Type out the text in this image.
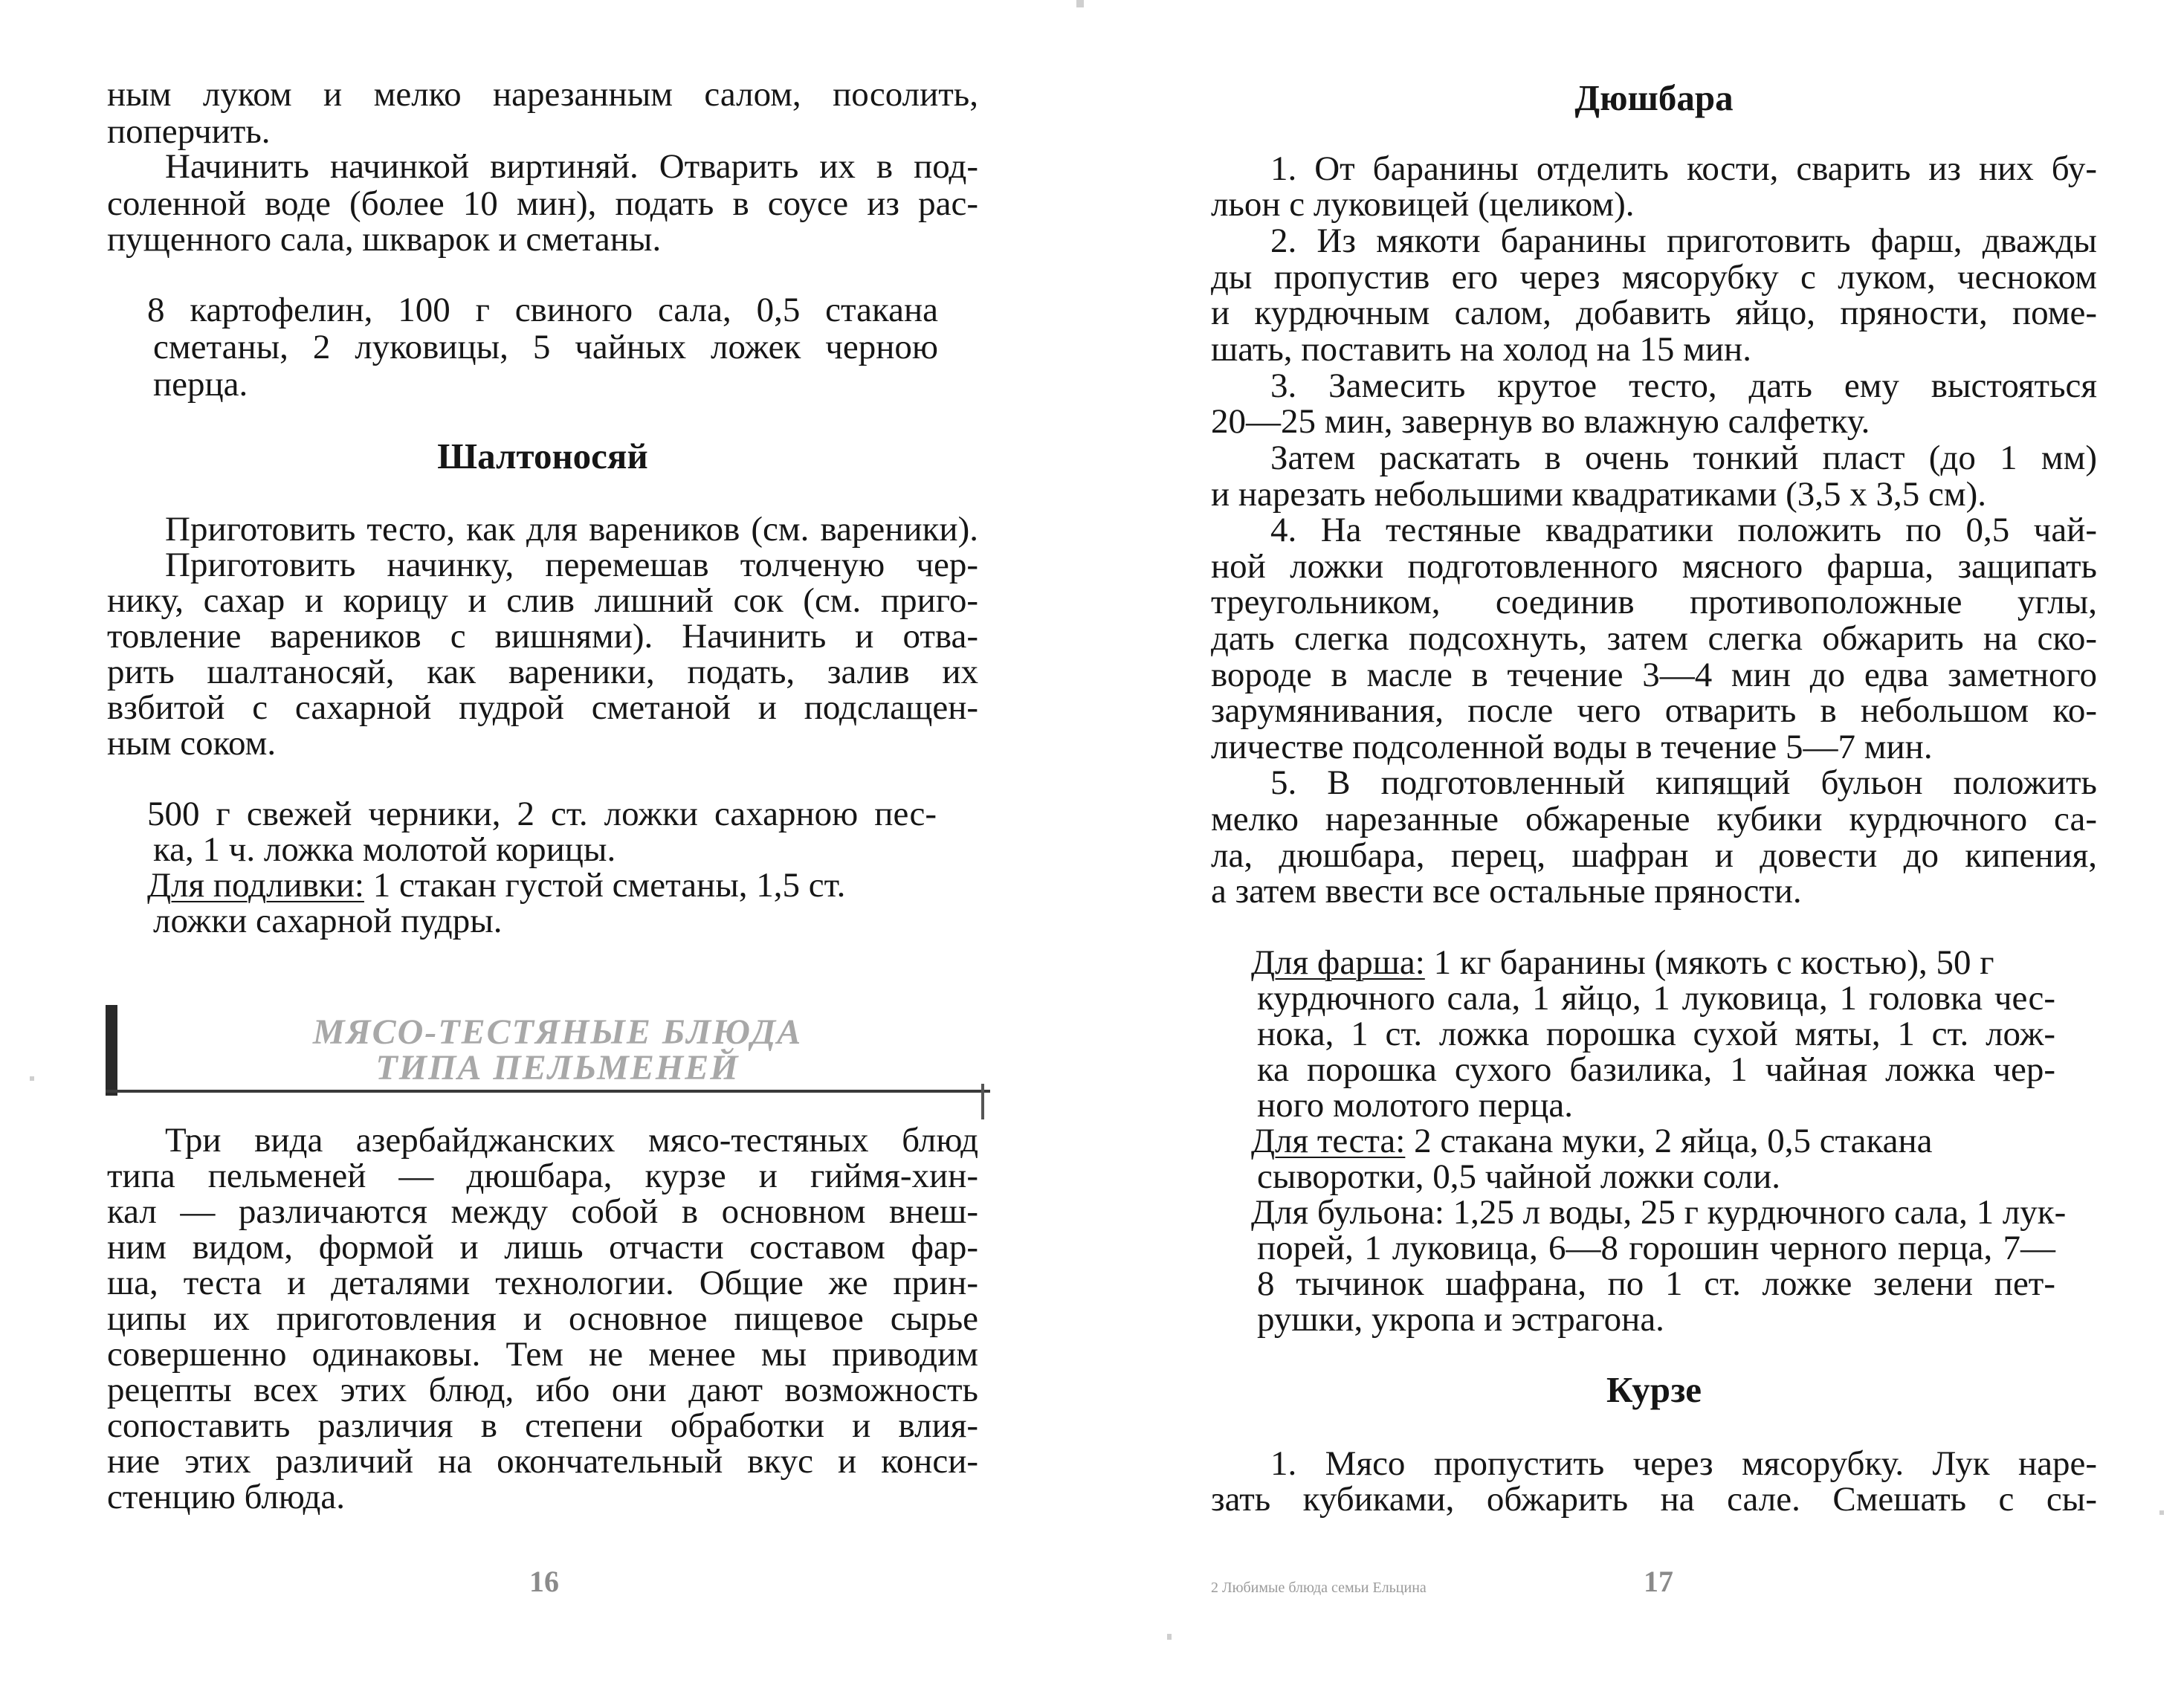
ным луком и мелко нарезанным салом, посолить,
поперчить.
Начинить начинкой виртиняй. Отварить их в под-
соленной воде (более 10 мин), подать в соусе из рас-
пущенного сала, шкварок и сметаны.
8 картофелин, 100 г свиного сала, 0,5 стакана
сметаны, 2 луковицы, 5 чайных ложек черною
перца.
Шалтоносяй
Приготовить тесто, как для вареников (см. вареники).
Приготовить начинку, перемешав толченую чер-
нику, сахар и корицу и слив лишний сок (см. приго-
товление вареников с вишнями). Начинить и отва-
рить шалтаносяй, как вареники, подать, залив их
взбитой с сахарной пудрой сметаной и подслащен-
ным соком.
500 г свежей черники, 2 ст. ложки сахарною пес-
ка, 1 ч. ложка молотой корицы.
Для подливки: 1 стакан густой сметаны, 1,5 ст.
ложки сахарной пудры.
МЯСО-ТЕСТЯНЫЕ БЛЮДА
ТИПА ПЕЛЬМЕНЕЙ
Три вида азербайджанских мясо-тестяных блюд
типа пельменей — дюшбара, курзе и гиймя-хин-
кал — различаются между собой в основном внеш-
ним видом, формой и лишь отчасти составом фар-
ша, теста и деталями технологии. Общие же прин-
ципы их приготовления и основное пищевое сырье
совершенно одинаковы. Тем не менее мы приводим
рецепты всех этих блюд, ибо они дают возможность
сопоставить различия в степени обработки и влия-
ние этих различий на окончательный вкус и конси-
стенцию блюда.
16
Дюшбара
1. От баранины отделить кости, сварить из них бу-
льон с луковицей (целиком).
2. Из мякоти баранины приготовить фарш, дважды
ды пропустив его через мясорубку с луком, чесноком
и курдючным салом, добавить яйцо, пряности, поме-
шать, поставить на холод на 15 мин.
3. Замесить крутое тесто, дать ему выстояться
20—25 мин, завернув во влажную салфетку.
Затем раскатать в очень тонкий пласт (до 1 мм)
и нарезать небольшими квадратиками (3,5 х 3,5 см).
4. На тестяные квадратики положить по 0,5 чай-
ной ложки подготовленного мясного фарша, защипать
треугольником, соединив противоположные углы,
дать слегка подсохнуть, затем слегка обжарить на ско-
вороде в масле в течение 3—4 мин до едва заметного
зарумянивания, после чего отварить в небольшом ко-
личестве подсоленной воды в течение 5—7 мин.
5. В подготовленный кипящий бульон положить
мелко нарезанные обжареные кубики курдючного са-
ла, дюшбара, перец, шафран и довести до кипения,
а затем ввести все остальные пряности.
Для фарша: 1 кг баранины (мякоть с костью), 50 г
курдючного сала, 1 яйцо, 1 луковица, 1 головка чес-
нока, 1 ст. ложка порошка сухой мяты, 1 ст. лож-
ка порошка сухого базилика, 1 чайная ложка чер-
ного молотого перца.
Для теста: 2 стакана муки, 2 яйца, 0,5 стакана
сыворотки, 0,5 чайной ложки соли.
Для бульона: 1,25 л воды, 25 г курдючного сала, 1 лук-
порей, 1 луковица, 6—8 горошин черного перца, 7—
8 тычинок шафрана, по 1 ст. ложке зелени пет-
рушки, укропа и эстрагона.
Курзе
1. Мясо пропустить через мясорубку. Лук наре-
зать кубиками, обжарить на сале. Смешать с сы-
2 Любимые блюда семьи Ельцина	17
